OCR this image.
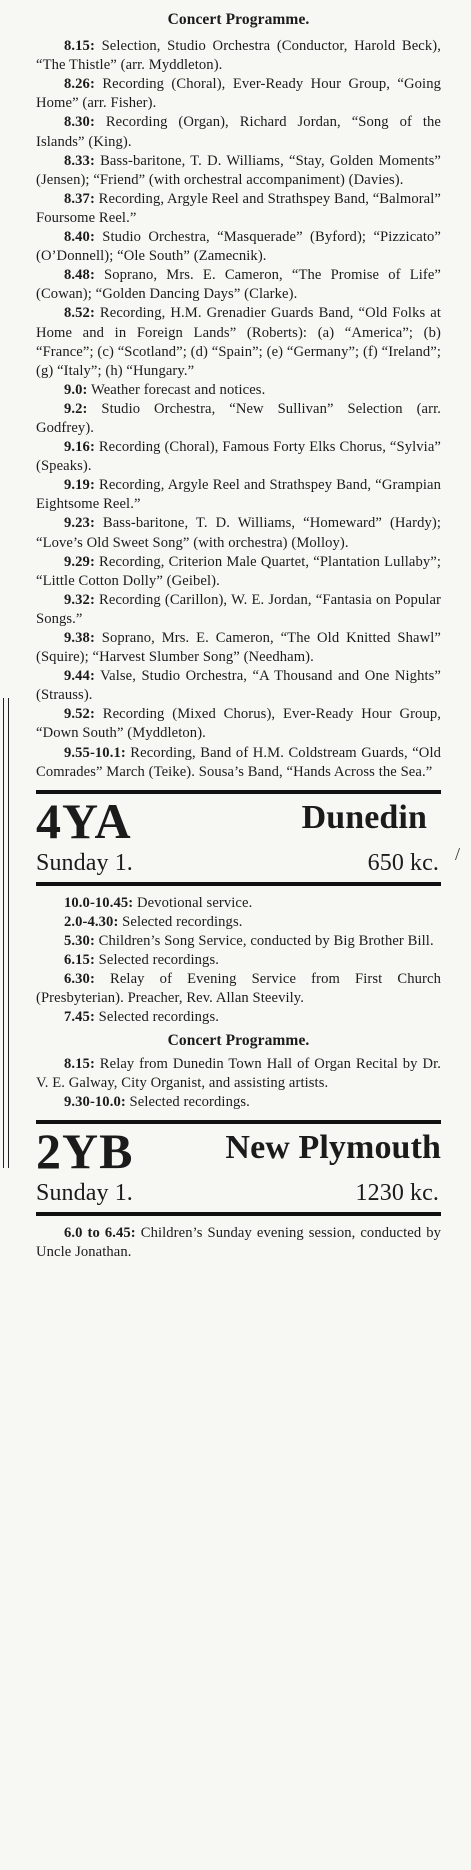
/
Concert Programme.

8.15: Selection, Studio Orchestra (Conductor, Harold Beck), “The Thistle” (arr. Myddleton).

8.26: Recording (Choral), Ever-Ready Hour Group, “Going Home” (arr. Fisher).

8.30: Recording (Organ), Richard Jordan, “Song of the Islands” (King).

8.33: Bass-baritone, T. D. Williams, “Stay, Golden Moments” (Jensen); “Friend” (with orchestral accompaniment) (Davies).

8.37: Recording, Argyle Reel and Strathspey Band, “Balmoral” Foursome Reel.”

8.40: Studio Orchestra, “Masquerade” (Byford); “Pizzicato” (O’Donnell); “Ole South” (Zamecnik).

8.48: Soprano, Mrs. E. Cameron, “The Promise of Life” (Cowan); “Golden Dancing Days” (Clarke).

8.52: Recording, H.M. Grenadier Guards Band, “Old Folks at Home and in Foreign Lands” (Roberts): (a) “America”; (b) “France”; (c) “Scotland”; (d) “Spain”; (e) “Germany”; (f) “Ireland”; (g) “Italy”; (h) “Hungary.”

9.0: Weather forecast and notices.

9.2: Studio Orchestra, “New Sullivan” Selection (arr. Godfrey).

9.16: Recording (Choral), Famous Forty Elks Chorus, “Sylvia” (Speaks).

9.19: Recording, Argyle Reel and Strathspey Band, “Grampian Eightsome Reel.”

9.23: Bass-baritone, T. D. Williams, “Homeward” (Hardy); “Love’s Old Sweet Song” (with orchestra) (Molloy).

9.29: Recording, Criterion Male Quartet, “Plantation Lullaby”; “Little Cotton Dolly” (Geibel).

9.32: Recording (Carillon), W. E. Jordan, “Fantasia on Popular Songs.”

9.38: Soprano, Mrs. E. Cameron, “The Old Knitted Shawl” (Squire); “Harvest Slumber Song” (Needham).

9.44: Valse, Studio Orchestra, “A Thousand and One Nights” (Strauss).

9.52: Recording (Mixed Chorus), Ever-Ready Hour Group, “Down South” (Myddleton).

9.55-10.1: Recording, Band of H.M. Coldstream Guards, “Old Comrades” March (Teike). Sousa’s Band, “Hands Across the Sea.”

4YA	Dunedin
Sunday 1.	650 kc.

10.0-10.45: Devotional service.

2.0-4.30: Selected recordings.

5.30: Children’s Song Service, conducted by Big Brother Bill.

6.15: Selected recordings.

6.30: Relay of Evening Service from First Church (Presbyterian). Preacher, Rev. Allan Steevily.

7.45: Selected recordings.

Concert Programme.

8.15: Relay from Dunedin Town Hall of Organ Recital by Dr. V. E. Galway, City Organist, and assisting artists.

9.30-10.0: Selected recordings.

2YB	New Plymouth
Sunday 1.	1230 kc.

6.0 to 6.45: Children’s Sunday evening session, conducted by Uncle Jonathan.
